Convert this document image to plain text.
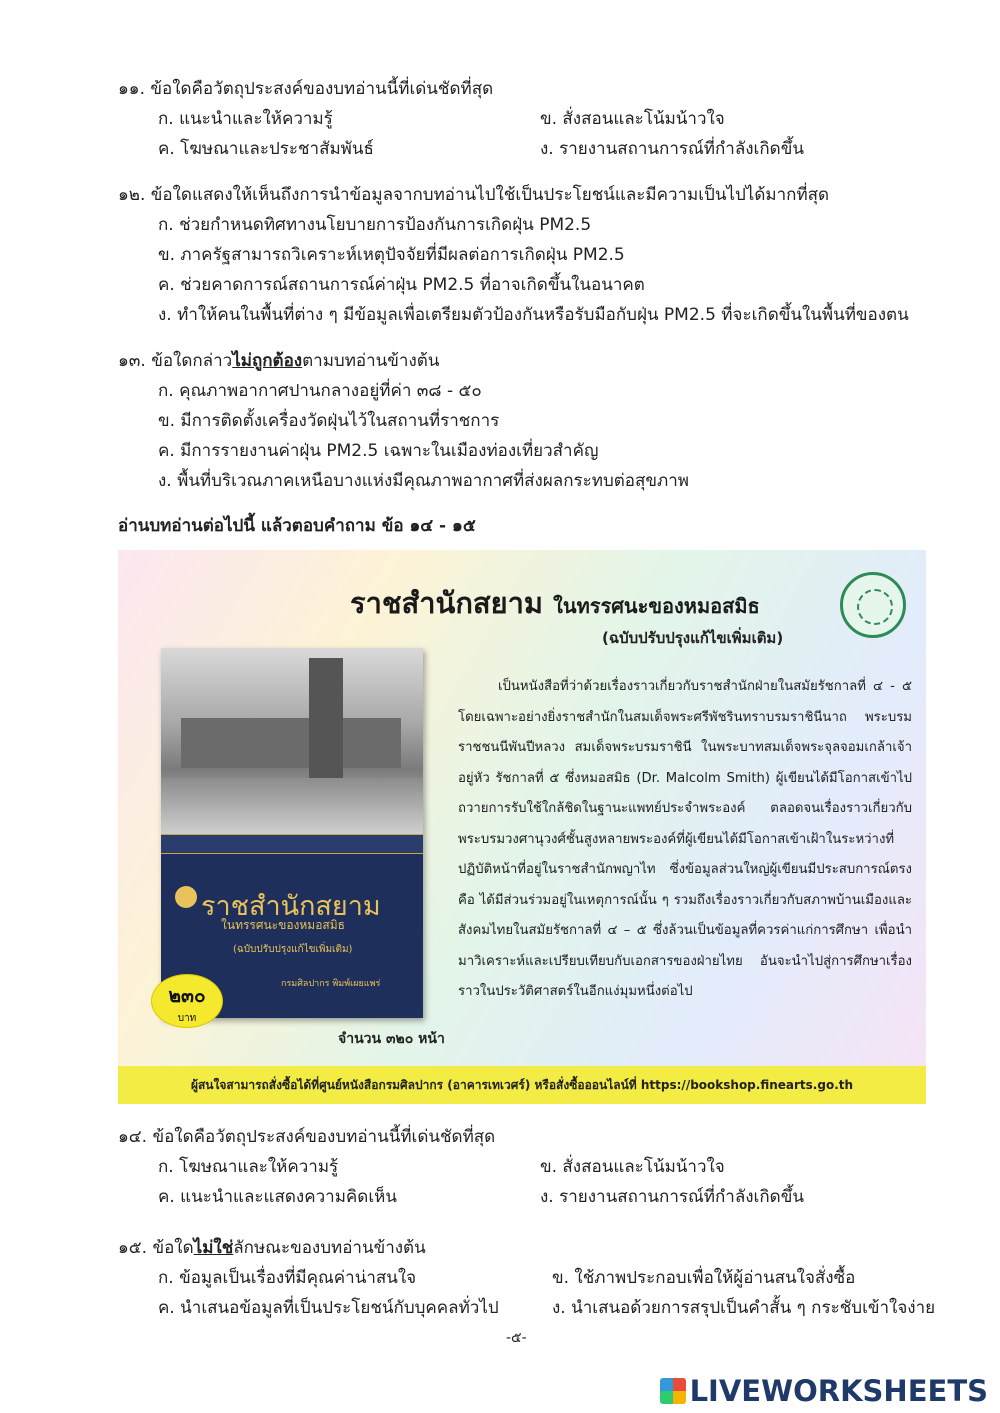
๑๑. ข้อใดคือวัตถุประสงค์ของบทอ่านนี้ที่เด่นชัดที่สุด
ก. แนะนำและให้ความรู้	ข. สั่งสอนและโน้มน้าวใจ
ค. โฆษณาและประชาสัมพันธ์	ง. รายงานสถานการณ์ที่กำลังเกิดขึ้น
๑๒. ข้อใดแสดงให้เห็นถึงการนำข้อมูลจากบทอ่านไปใช้เป็นประโยชน์และมีความเป็นไปได้มากที่สุด
ก. ช่วยกำหนดทิศทางนโยบายการป้องกันการเกิดฝุ่น PM2.5
ข. ภาครัฐสามารถวิเคราะห์เหตุปัจจัยที่มีผลต่อการเกิดฝุ่น PM2.5
ค. ช่วยคาดการณ์สถานการณ์ค่าฝุ่น PM2.5 ที่อาจเกิดขึ้นในอนาคต
ง. ทำให้คนในพื้นที่ต่าง ๆ มีข้อมูลเพื่อเตรียมตัวป้องกันหรือรับมือกับฝุ่น PM2.5 ที่จะเกิดขึ้นในพื้นที่ของตน
๑๓. ข้อใดกล่าวไม่ถูกต้องตามบทอ่านข้างต้น
ก. คุณภาพอากาศปานกลางอยู่ที่ค่า ๓๘ - ๕๐
ข. มีการติดตั้งเครื่องวัดฝุ่นไว้ในสถานที่ราชการ
ค. มีการรายงานค่าฝุ่น PM2.5 เฉพาะในเมืองท่องเที่ยวสำคัญ
ง. พื้นที่บริเวณภาคเหนือบางแห่งมีคุณภาพอากาศที่ส่งผลกระทบต่อสุขภาพ
อ่านบทอ่านต่อไปนี้ แล้วตอบคำถาม ข้อ ๑๔ - ๑๕
ราชสำนักสยาม ในทรรศนะของหมอสมิธ
(ฉบับปรับปรุงแก้ไขเพิ่มเติม)
ราชสำนักสยาม
ในทรรศนะของหมอสมิธ
(ฉบับปรับปรุงแก้ไขเพิ่มเติม)
กรมศิลปากร พิมพ์เผยแพร่
๒๓๐
บาท
จำนวน ๓๒๐ หน้า
เป็นหนังสือที่ว่าด้วยเรื่องราวเกี่ยวกับราชสำนักฝ่ายในสมัยรัชกาลที่ ๔ - ๕ โดยเฉพาะอย่างยิ่งราชสำนักในสมเด็จพระศรีพัชรินทราบรมราชินีนาถ พระบรมราชชนนีพันปีหลวง สมเด็จพระบรมราชินี ในพระบาทสมเด็จพระจุลจอมเกล้าเจ้าอยู่หัว รัชกาลที่ ๕ ซึ่งหมอสมิธ (Dr. Malcolm Smith) ผู้เขียนได้มีโอกาสเข้าไปถวายการรับใช้ใกล้ชิดในฐานะแพทย์ประจำพระองค์ ตลอดจนเรื่องราวเกี่ยวกับพระบรมวงศานุวงศ์ชั้นสูงหลายพระองค์ที่ผู้เขียนได้มีโอกาสเข้าเฝ้าในระหว่างที่ปฏิบัติหน้าที่อยู่ในราชสำนักพญาไท ซึ่งข้อมูลส่วนใหญ่ผู้เขียนมีประสบการณ์ตรงคือ ได้มีส่วนร่วมอยู่ในเหตุการณ์นั้น ๆ รวมถึงเรื่องราวเกี่ยวกับสภาพบ้านเมืองและสังคมไทยในสมัยรัชกาลที่ ๔ – ๕ ซึ่งล้วนเป็นข้อมูลที่ควรค่าแก่การศึกษา เพื่อนำมาวิเคราะห์และเปรียบเทียบกับเอกสารของฝ่ายไทย อันจะนำไปสู่การศึกษาเรื่องราวในประวัติศาสตร์ในอีกแง่มุมหนึ่งต่อไป
ผู้สนใจสามารถสั่งซื้อได้ที่ศูนย์หนังสือกรมศิลปากร (อาคารเทเวศร์) หรือสั่งซื้อออนไลน์ที่ https://bookshop.finearts.go.th
๑๔. ข้อใดคือวัตถุประสงค์ของบทอ่านนี้ที่เด่นชัดที่สุด
ก. โฆษณาและให้ความรู้	ข. สั่งสอนและโน้มน้าวใจ
ค. แนะนำและแสดงความคิดเห็น	ง. รายงานสถานการณ์ที่กำลังเกิดขึ้น
๑๕. ข้อใดไม่ใช่ลักษณะของบทอ่านข้างต้น
ก. ข้อมูลเป็นเรื่องที่มีคุณค่าน่าสนใจ	ข. ใช้ภาพประกอบเพื่อให้ผู้อ่านสนใจสั่งซื้อ
ค. นำเสนอข้อมูลที่เป็นประโยชน์กับบุคคลทั่วไป	ง. นำเสนอด้วยการสรุปเป็นคำสั้น ๆ กระชับเข้าใจง่าย
-๕-
LIVEWORKSHEETS
